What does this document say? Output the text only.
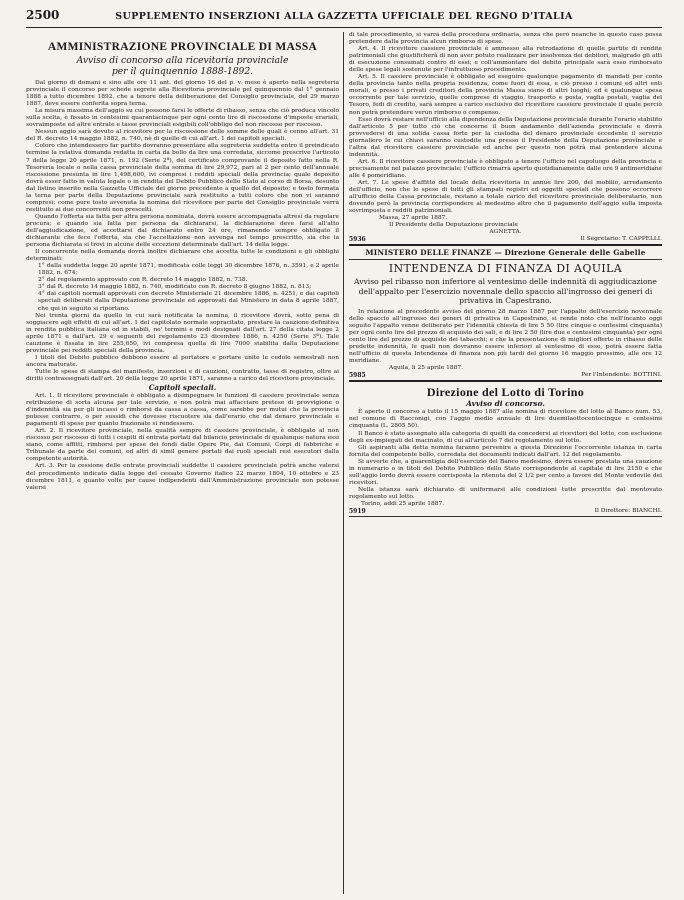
2500	SUPPLEMENTO INSERZIONI ALLA GAZZETTA UFFICIALE DEL REGNO D'ITALIA
AMMINISTRAZIONE PROVINCIALE DI MASSA
Avviso di concorso alla ricevitoria provinciale
per il quinquennio 1888-1892.

Dal giorno di domani e sino alle ore 11 ant. del giorno 16 del p. v. mese è aperto nella segreteria provinciale il concorso per schede segrete alla Ricevitoria provinciale pel quinquennio dal 1° gennaio 1888 a tutto dicembre 1892, che a tenore della deliberazione del Consiglio provinciale, del 29 marzo 1887, deve essere conferita sopra terna.

La misura massima dell'aggio su cui possono farsi le offerte di ribasso, senza che ciò produca vincolo sulla scelta, è fissato in centesimi quarantacinque per ogni cento lire di riscossione d'imposte erariali, sovraimposte ed altre entrate e tasse provinciali esigibili coll'obbligo del non riscosso per riscosso.

Nessun aggio sarà dovuto al ricevitore per la riscossione delle somme delle quali è cenno all'art. 31 del R. decreto 14 maggio 1882, n. 740, nè di quelle di cui all'art. 1 dei capitoli speciali.

Coloro che intendessero far partito dovranno presentare alla segreteria suddetta entro il preindicato termine la relativa domanda redatta in carta da bollo da lire una corredata, siccome prescrive l'articolo 7 della legge 20 aprile 1871, n. 192 (Serie 2ª), del certificato comprovante il deposito fatto nella R. Tesoreria locale o nella cassa provinciale della somma di lire 29,972, pari al 2 per cento dell'annuale riscossione presunta in lire 1,498,600, ivi compresi i redditi speciali della provincia; quale deposito dovrà esser fatto in valuta legale o in rendita del Debito Pubblico dello Stato al corso di Borsa, desunto dal listino inserito nella Gazzetta Ufficiale del giorno precedente a quello del deposito; e tosto formata la terna per parte della Deputazione provinciale sarà restituito a tutti coloro che non vi saranno compresi; come pure tosto avvenuta la nomina del ricevitore per parte del Consiglio provinciale verrà restituito ai due concorrenti non prescelti.

Quando l'offerta sia fatta per altra persona nominata, dovrà essere accompagnata altresì da regolare procura; e quando sia fatta per persona da dichiararsi, la dichiarazione deve farsi all'atto dell'aggiudicazione, ed accettarsi dal dichiarato entro 24 ore, rimanendo sempre obbligato il dichiarante che fece l'offerta, sia che l'accettazione non avvenga nel tempo prescritto, sia che la persona dichiarata si trovi in alcune delle eccezioni determinate dall'art. 14 della legge.

Il concorrente nella domanda dovrà inoltre dichiarare che accetta tutte le condizioni e gli obblighi determinati:

1° dalla suddetta legge 20 aprile 1871, modificata colle leggi 30 dicembre 1876, n. 3591, e 2 aprile 1882, n. 674;

2° dal regolamento approvato con R. decreto 14 maggio 1882, n. 738.

3° dal R. decreto 14 maggio 1882, n. 740, modificato con R. decreto 8 giugno 1882, n. 813;

4° dai capitoli normali approvati con decreto Ministeriale 21 dicembre 1886, n. 4251, e dai capitoli speciali deliberati dalla Deputazione provinciale ed approvati dal Ministero in data 8 aprile 1887, che qui in seguito si riportano.

Nei trenta giorni da quello in cui sarà notificata la nomina, il ricevitore dovrà, sotto pena di soggiacere agli effetti di cui all'art. 1 del capitolato normale sopracitato, prestare la cauzione definitiva in rendita pubblica italiana od in stabili, ne' termini e modi designati dall'art. 27 della citata legge 2 aprile 1871 e dall'art. 29 e seguenti del regolamento 23 dicembre 1886, n. 4250 (Serie 3ª). Tale cauzione è fissata in lire 255,650, ivi compresa quella di lire 7000 stabilita dalla Deputazione provinciale pei redditi speciali della provincia.

I titoli del Debito pubblico debbono essere al portatore e portare unite le cedole semestrali non ancora maturate.

Tutte le spese di stampa del manifesto, inserzioni e di cauzioni, contratto, tasse di registro, oltre ai diritti contrassegnati dall'art. 20 della legge 20 aprile 1871, saranno a carico del ricevitore provinciale.

Capitoli speciali.

Art. 1. Il ricevitore provinciale è obbligato a disimpegnare le funzioni di cassiere provinciale senza retribuzione di sorta alcuna per tale servizio, e non potrà mai affacciare pretese di provvigione o d'indennità sia per gli incassi o rimborsi da cassa a cassa, come sarebbe per mutui che la provincia potesse contrarre, o per sussidi che dovesse riscuotere sia dall'erario che dal denaro provinciale e pagamenti di spese per quanto frazionate si rendessero.

Art. 2. Il ricevitore provinciale, nella qualità sempre di cassiere provinciale, è obbligato al non riscosso per riscosso di tutti i cespiti di entrata portati dal bilancio provinciale di qualunque natura essi siano, come affitti, rimborsi per spese dei fondi dalle Opere Pie, dai Comuni, Corpi di fabbriche e Tribunale da parte dei comuni, ed altri di simil genere portati dai ruoli speciali resi esecutori dalla competente autorità.

Art. 3. Per la cessione delle entrate provinciali suddette il cassiere provinciale potrà anche valersi del procedimento indicato dalla legge del cessato Governo italico 22 marzo 1804, 10 ottobre e 23 dicembre 1811, e quanto volte per cause indipendenti dall'Amministrazione provinciale non potesse valersi

di tale procedimento, si varrà della procedura ordinaria, senza che però neanche in questo caso possa pretendere dalla provincia alcun rimborso di spese.

Art. 4. Il ricevitore cassiere provinciale è ammesso alla retrodazione di quelle partite di rendite patrimoniali che giustificherà di non aver potuto realizzare per insolvenza dei debitori, malgrado gli atti di esecuzione consumati contro di essi; e coll'ammontare del debito principale sarà esso rimborsato delle spese legali sostenute per l'infruttuoso procedimento.

Art. 5. Il cassiere provinciale è obbligato ad eseguire qualunque pagamento di mandati per conto della provincia tanto nella propria residenza, come fuori di essa, e ciò presso i comuni ed altri enti morali, o presso i privati creditori della provincia Massa siano di altri luoghi; ed è qualunque spesa occorrente per tale servizio, quelle comprese di viaggio, trasporto e posta, vaglia postali, vaglia del Tesoro, fedi di credito, sarà sempre a carico esclusivo del ricevitore cassiere provinciale il quale perciò non potrà pretendere verun rimborso o compenso.

Esso dovrà restare nell'ufficio alla dipendenza della Deputazione provinciale durante l'orario stabilito dall'articolo 5 per tutto ciò che concerne il buon andamento dell'azienda provinciale e dovrà provvedersi di una solida cassa forte per la custodia del denaro provinciale eccedente il servizio giornaliero le cui chiavi saranno custodite una presso il Presidente della Deputazione provinciale e l'altra dal ricevitore cassiere provinciale ed anche per questo non potrà mai pretendere alcuna indennità.

Art. 6. Il ricevitore cassiere provinciale è obbligato a tenere l'ufficio nel capoluogo della provincia e precisamente nel palazzo provinciale; l'ufficio rimarrà aperto quotidianamente dalle ore 9 antimeridiane alle 4 pomeridiane.

Art. 7. Le spese d'affitto del locale della ricevitoria in annue lire 200, del mobilio, arredamento dell'ufficio, non che le spese di tutti gli stampati registri ed oggetti speciali che possono occorrere all'ufficio della Cassa provinciale, restano a totale carico del ricevitore provinciale deliberatario, non dovendo però la provincia corrispondere al medesimo altro che il pagamento dell'aggio sulla imposta sovrimposta e redditi patrimoniali.

Massa, 27 aprile 1887.
Il Presidente della Deputazione provinciale
AGNETTA.
5936	Il Segretario: T. CAPPELLI.
MINISTERO DELLE FINANZE — Direzione Generale delle Gabelle
INTENDENZA DI FINANZA DI AQUILA
Avviso pel ribasso non inferiore al ventesimo delle indennità di aggiudicazione dell'appalto per l'esercizio novennale dello spaccio all'ingrosso dei generi di privativa in Capestrano.

In relazione al precedente avviso del giorno 28 marzo 1887 per l'appalto dell'esercizio novennale dello spaccio all'ingrosso dei generi di privativa in Capestrano, si rende noto che nell'incanto oggi seguito l'appalto venne deliberato per l'idennità chiesta di lire 5 50 (lire cinque e centesimi cinquanta) per ogni cento lire del prezzo di acquisto dei sali, e di lire 2 50 (lire due e centesimi cinquanta) per ogni cento lire del prezzo di acquisto dei tabacchi; e che la presentazione di migliori offerte in ribasso delle predette indennità, le quali non dovranno essere inferiori al ventesimo di esse, potrà essere fatta nell'ufficio di questa Intendenza di finanza non più tardi del giorno 16 maggio prossimo, alle ore 12 meridiane.

Aquila, li 25 aprile 1887.
5985	Per l'Intendente: BOTTINI.
Direzione del Lotto di Torino
Avviso di concorso.

È aperto il concorso a tutto il 15 maggio 1887 alla nomina di ricevitore del lotto al Banco num. 53, nel comune di Racconigi, con l'aggio medio annuale di lire duemilaottocentocinque e centesimi cinquanta (L. 2805 50).

Il Banco è stato assegnato alla categoria di quelli da concedersi ai ricevitori del lotto, con esclusione degli ex-impiegati del macinato, di cui all'articolo 7 del regolamento sul lotto.

Gli aspiranti alla detta nomina faranno pervenire a questa Direzione l'occorrente istanza in carta fornita del competente bollo, corredata dei documenti indicati dall'art. 12 del regolamento.

Si avverte che, a guarentigia dell'esercizio del Banco medesimo, dovrà essere prestata una cauzione in numerario o in titoli del Debito Pubblico dello Stato corrispondente al capitale di lire 2150 e che sull'aggio lordo dovrà essere corrisposta la ritenuta del 2 1/2 per cento a favore del Monte vedovile dei ricevitori.

Nella istanza sarà dichiarato di uniformarsi alle condizioni tutte prescritte dal mentovato regolamento sul lotto.

Torino, addì 25 aprile 1887.
5919	Il Direttore: BIANCHI.
